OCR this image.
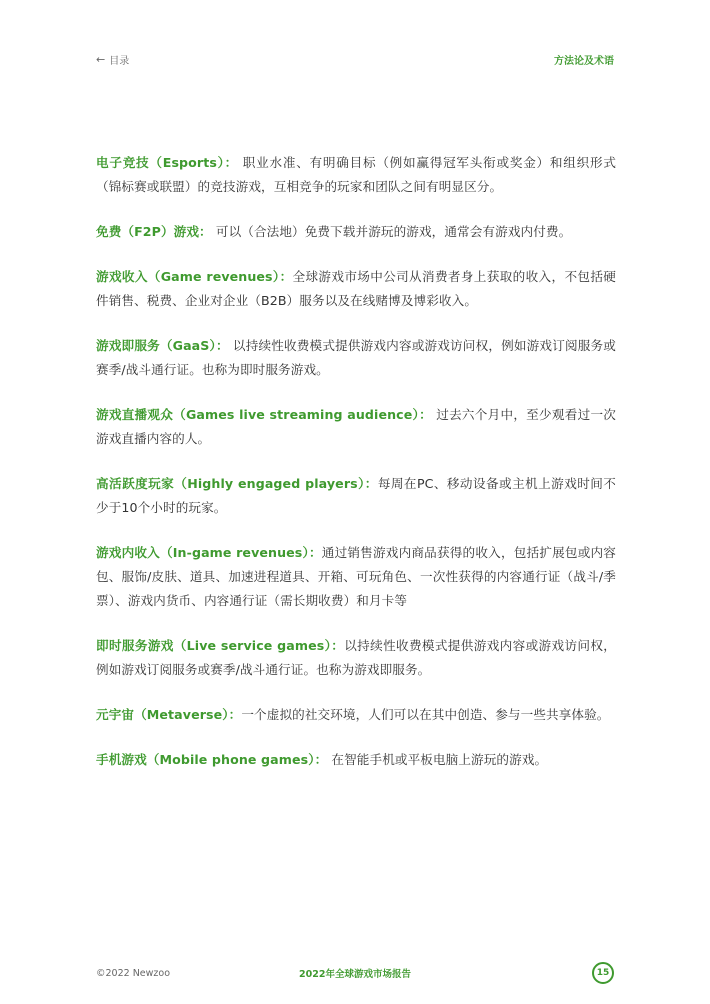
← 目录	方法论及术语

电子竞技（Esports）： 职业水准、有明确目标（例如赢得冠军头衔或奖金）和组织形式（锦标赛或联盟）的竞技游戏，互相竞争的玩家和团队之间有明显区分。

免费（F2P）游戏： 可以（合法地）免费下载并游玩的游戏，通常会有游戏内付费。

游戏收入（Game revenues）：全球游戏市场中公司从消费者身上获取的收入，不包括硬件销售、税费、企业对企业（B2B）服务以及在线赌博及博彩收入。

游戏即服务（GaaS）： 以持续性收费模式提供游戏内容或游戏访问权，例如游戏订阅服务或赛季/战斗通行证。也称为即时服务游戏。

游戏直播观众（Games live streaming audience）： 过去六个月中，至少观看过一次游戏直播内容的人。

高活跃度玩家（Highly engaged players）：每周在PC、移动设备或主机上游戏时间不少于10个小时的玩家。

游戏内收入（In-game revenues）：通过销售游戏内商品获得的收入，包括扩展包或内容包、服饰/皮肤、道具、加速进程道具、开箱、可玩角色、一次性获得的内容通行证（战斗/季票）、游戏内货币、内容通行证（需长期收费）和月卡等

即时服务游戏（Live service games）：以持续性收费模式提供游戏内容或游戏访问权，例如游戏订阅服务或赛季/战斗通行证。也称为游戏即服务。

元宇宙（Metaverse）：一个虚拟的社交环境，人们可以在其中创造、参与一些共享体验。

手机游戏（Mobile phone games）： 在智能手机或平板电脑上游玩的游戏。

©2022 Newzoo	2022年全球游戏市场报告	15
